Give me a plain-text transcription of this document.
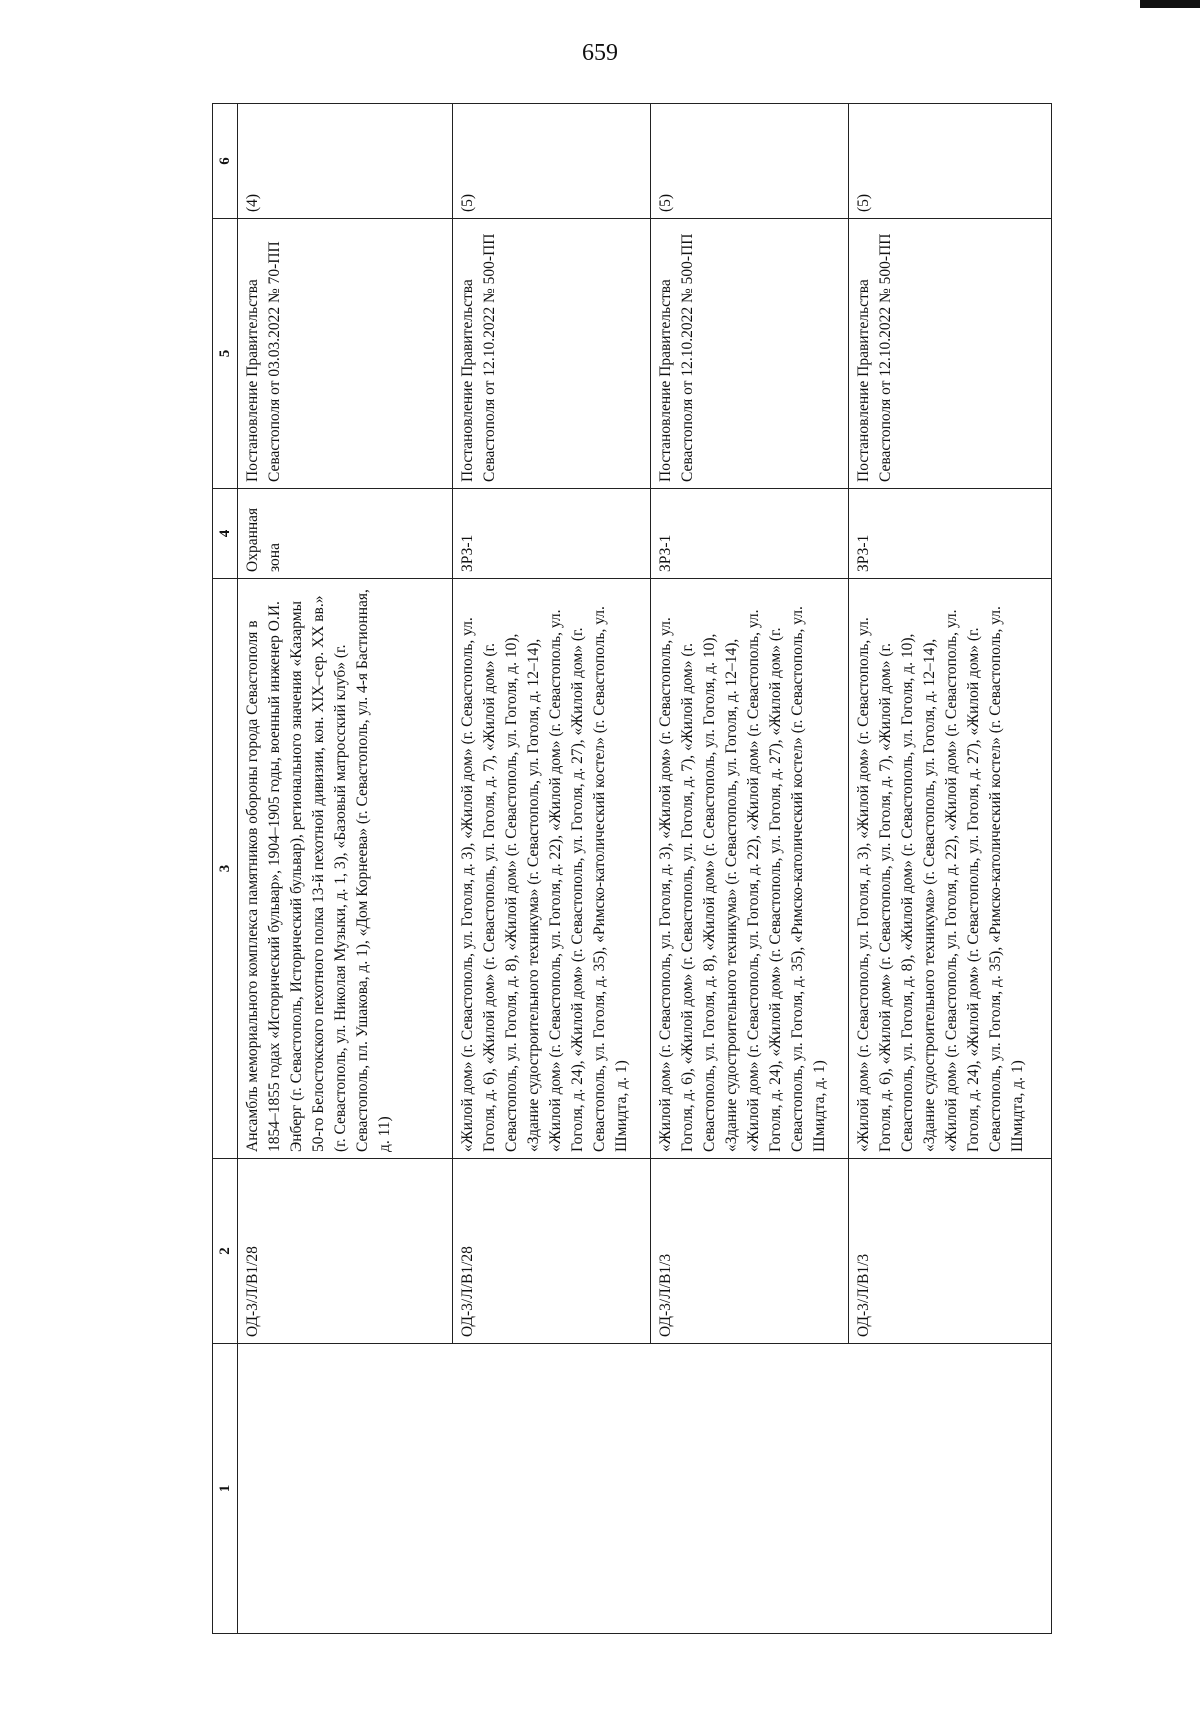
659
1	2	3	4	5	6
	ОД-3/Л/В1/28	Ансамбль мемориального комплекса памятников обороны города Севастополя в 1854–1855 годах «Исторический бульвар», 1904–1905 годы, военный инженер О.И. Энберг (г. Севастополь, Исторический бульвар), регионального значения «Казармы 50-го Белостокского пехотного полка 13-й пехотной дивизии, кон. XIX–сер. XX вв.» (г. Севастополь, ул. Николая Музыки, д. 1, 3), «Базовый матросский клуб» (г. Севастополь, пл. Ушакова, д. 1), «Дом Корнеева» (г. Севастополь, ул. 4-я Бастионная, д. 11)	Охранная зона	Постановление Правительства Севастополя от 03.03.2022 № 70-ПП	(4)
	ОД-3/Л/В1/28	«Жилой дом» (г. Севастополь, ул. Гоголя, д. 3), «Жилой дом» (г. Севастополь, ул. Гоголя, д. 6), «Жилой дом» (г. Севастополь, ул. Гоголя, д. 7), «Жилой дом» (г. Севастополь, ул. Гоголя, д. 8), «Жилой дом» (г. Севастополь, ул. Гоголя, д. 10), «Здание судостроительного техникума» (г. Севастополь, ул. Гоголя, д. 12–14), «Жилой дом» (г. Севастополь, ул. Гоголя, д. 22), «Жилой дом» (г. Севастополь, ул. Гоголя, д. 24), «Жилой дом» (г. Севастополь, ул. Гоголя, д. 27), «Жилой дом» (г. Севастополь, ул. Гоголя, д. 35), «Римско-католический костел» (г. Севастополь, ул. Шмидта, д. 1)	ЗРЗ-1	Постановление Правительства Севастополя от 12.10.2022 № 500-ПП	(5)
	ОД-3/Л/В1/3	«Жилой дом» (г. Севастополь, ул. Гоголя, д. 3), «Жилой дом» (г. Севастополь, ул. Гоголя, д. 6), «Жилой дом» (г. Севастополь, ул. Гоголя, д. 7), «Жилой дом» (г. Севастополь, ул. Гоголя, д. 8), «Жилой дом» (г. Севастополь, ул. Гоголя, д. 10), «Здание судостроительного техникума» (г. Севастополь, ул. Гоголя, д. 12–14), «Жилой дом» (г. Севастополь, ул. Гоголя, д. 22), «Жилой дом» (г. Севастополь, ул. Гоголя, д. 24), «Жилой дом» (г. Севастополь, ул. Гоголя, д. 27), «Жилой дом» (г. Севастополь, ул. Гоголя, д. 35), «Римско-католический костел» (г. Севастополь, ул. Шмидта, д. 1)	ЗРЗ-1	Постановление Правительства Севастополя от 12.10.2022 № 500-ПП	(5)
	ОД-3/Л/В1/3	«Жилой дом» (г. Севастополь, ул. Гоголя, д. 3), «Жилой дом» (г. Севастополь, ул. Гоголя, д. 6), «Жилой дом» (г. Севастополь, ул. Гоголя, д. 7), «Жилой дом» (г. Севастополь, ул. Гоголя, д. 8), «Жилой дом» (г. Севастополь, ул. Гоголя, д. 10), «Здание судостроительного техникума» (г. Севастополь, ул. Гоголя, д. 12–14), «Жилой дом» (г. Севастополь, ул. Гоголя, д. 22), «Жилой дом» (г. Севастополь, ул. Гоголя, д. 24), «Жилой дом» (г. Севастополь, ул. Гоголя, д. 27), «Жилой дом» (г. Севастополь, ул. Гоголя, д. 35), «Римско-католический костел» (г. Севастополь, ул. Шмидта, д. 1)	ЗРЗ-1	Постановление Правительства Севастополя от 12.10.2022 № 500-ПП	(5)
